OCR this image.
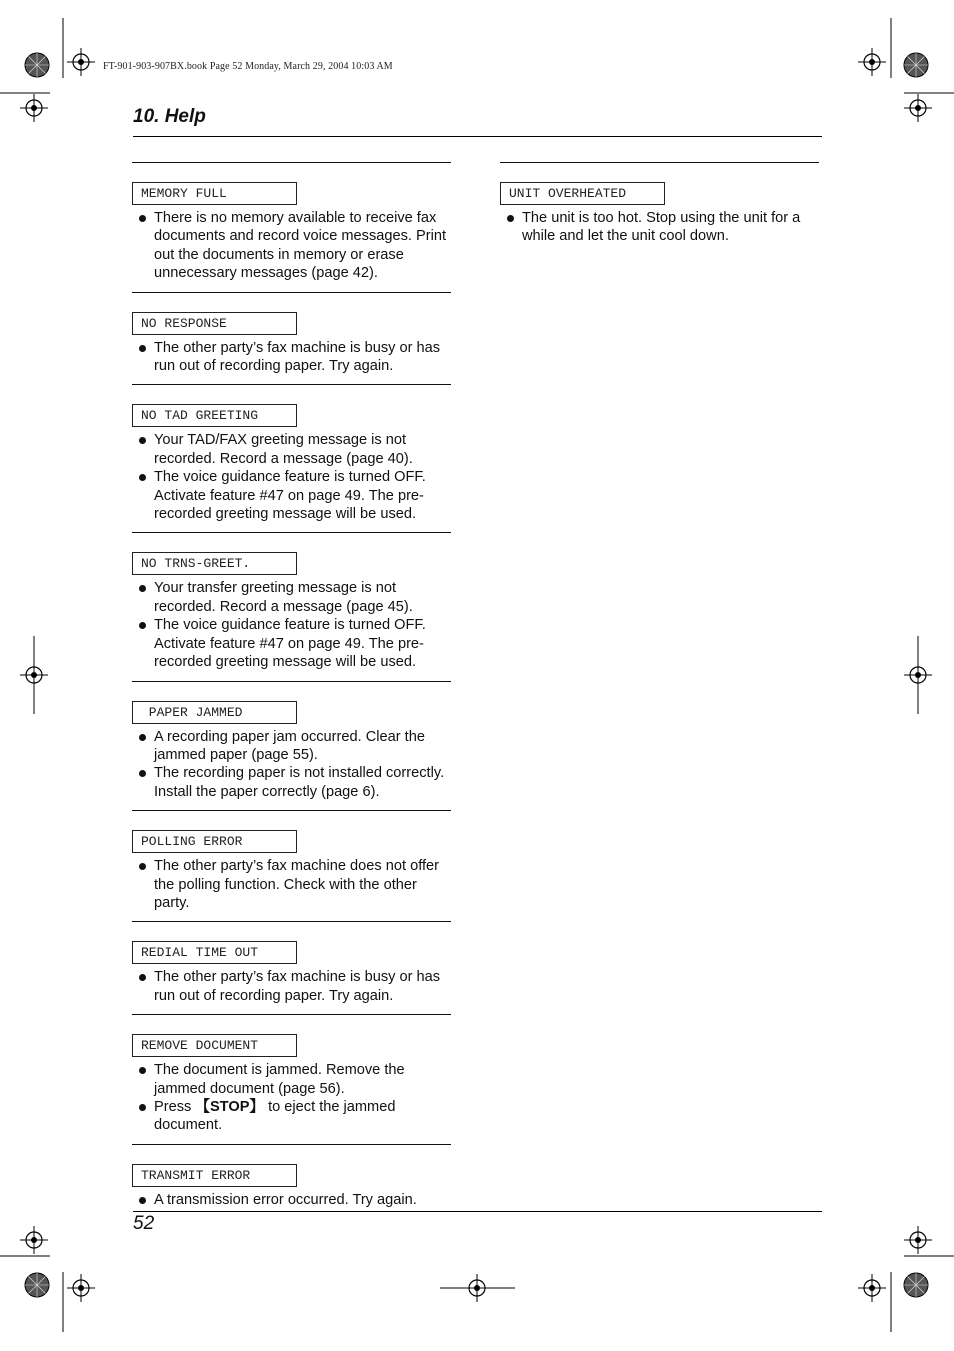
FT-901-903-907BX.book Page 52 Monday, March 29, 2004 10:03 AM
10. Help
MEMORY FULL
There is no memory available to receive fax documents and record voice messages. Print out the documents in memory or erase unnecessary messages (page 42).
NO RESPONSE
The other party’s fax machine is busy or has run out of recording paper. Try again.
NO TAD GREETING
Your TAD/FAX greeting message is not recorded. Record a message (page 40).
The voice guidance feature is turned OFF. Activate feature #47 on page 49. The pre-recorded greeting message will be used.
NO TRNS-GREET.
Your transfer greeting message is not recorded. Record a message (page 45).
The voice guidance feature is turned OFF. Activate feature #47 on page 49. The pre-recorded greeting message will be used.
PAPER JAMMED
A recording paper jam occurred. Clear the jammed paper (page 55).
The recording paper is not installed correctly. Install the paper correctly (page 6).
POLLING ERROR
The other party’s fax machine does not offer the polling function. Check with the other party.
REDIAL TIME OUT
The other party’s fax machine is busy or has run out of recording paper. Try again.
REMOVE DOCUMENT
The document is jammed. Remove the jammed document (page 56).
Press 【STOP】 to eject the jammed document.
TRANSMIT ERROR
A transmission error occurred. Try again.
UNIT OVERHEATED
The unit is too hot. Stop using the unit for a while and let the unit cool down.
52
